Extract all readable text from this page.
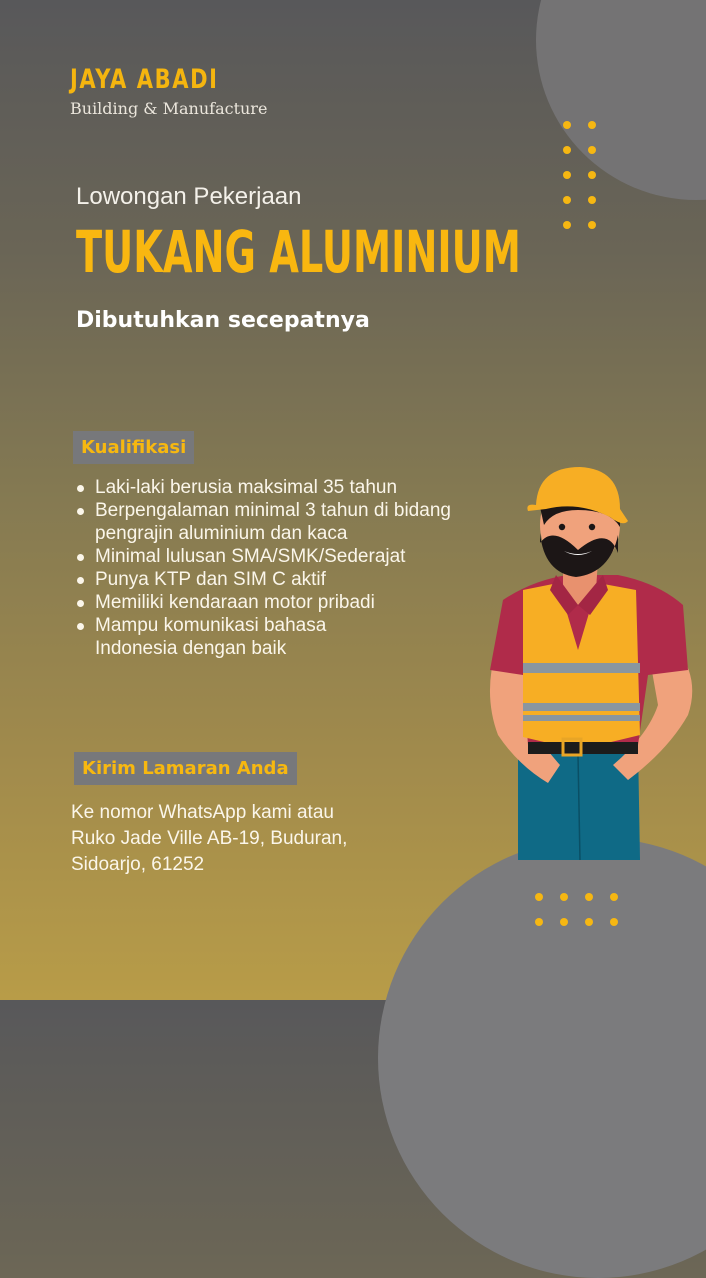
JAYA ABADI
Building & Manufacture
Lowongan Pekerjaan
TUKANG ALUMINIUM
Dibutuhkan secepatnya
Kualifikasi
Laki-laki berusia maksimal 35 tahun
Berpengalaman minimal 3 tahun di bidang pengrajin aluminium dan kaca
Minimal lulusan SMA/SMK/Sederajat
Punya KTP dan SIM C aktif
Memiliki kendaraan motor pribadi
Mampu komunikasi bahasa Indonesia dengan baik
Kirim Lamaran Anda
Ke nomor WhatsApp kami atau
Ruko Jade Ville AB-19, Buduran,
Sidoarjo, 61252
